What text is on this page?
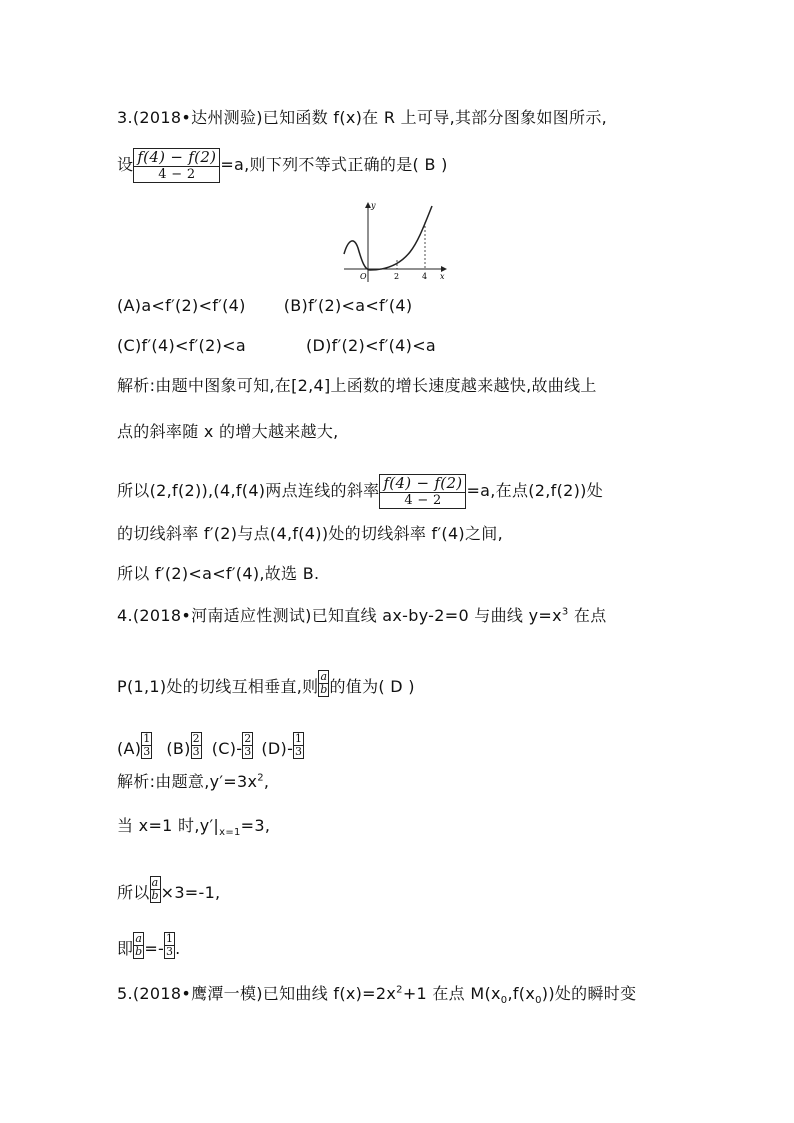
3.(2018•达州测验)已知函数 f(x)在 R 上可导,其部分图象如图所示,
设 $\frac{f(4) - f(2)}{4 - 2} =a$,则下列不等式正确的是( B )
y
x
O	2	4
(A)a<f′(2)<f′(4) (B)f′(2)<a<f′(4)
(C)f′(4)<f′(2)<a	(D)f′(2)<f′(4)<a
解析:由题中图象可知,在[2,4]上函数的增长速度越来越快,故曲线上
点的斜率随 x 的增大越来越大,
所以(2,f(2)),(4,f(4)两点连线的斜率 $\frac{f(4) - f(2)}{4 - 2} =a$,在点(2,f(2))处
的切线斜率 f′(2)与点(4,f(4))处的切线斜率 f′(4)之间,
所以 f′(2)<a<f′(4),故选 B.
4.(2018•河南适应性测试)已知直线 ax-by-2=0 与曲线 $y=x^3$ 在点
P(1,1)处的切线互相垂直,则 $\frac{a}{b}$ 的值为( D )
$(A) \frac{1}{3} (B) \frac{2}{3} (C)- \frac{2}{3} (D)- \frac{1}{3}$
解析:由题意$,y'=3x^2$,
当 x=1 时$,y'|_{x=1}=3$,
所以 $\frac{a}{b} \times 3=-1$,
即 $\frac{a}{b} =- \frac{1}{3}$ .
5.(2018•鹰潭一模)已知曲线 $f(x)=2x^2+1$ 在点 $M(x_0,f(x_0))$处的瞬时变
